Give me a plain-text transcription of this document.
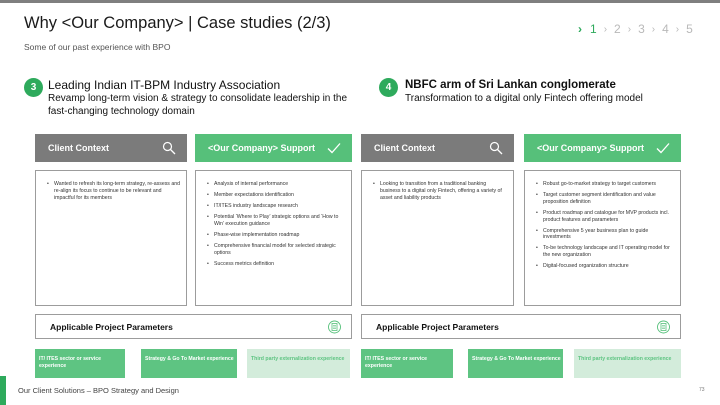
Why <Our Company> | Case studies (2/3)
Some of our past experience with BPO
› 1 › 2 › 3 › 4 › 5
3 Leading Indian IT-BPM Industry Association
Revamp long-term vision & strategy to consolidate leadership in the fast-changing technology domain
Client Context	<Our Company> Support
• Wanted to refresh its long-term strategy, re-assess and re-align its focus to continue to be relevant and impactful for its members
• Analysis of internal performance
• Member expectations identification
• IT/ITES industry landscape research
• Potential ‘Where to Play’ strategic options and ‘How to Win’ execution guidance
• Phase-wise implementation roadmap
• Comprehensive financial model for selected strategic options
• Success metrics definition
Applicable Project Parameters
IT/ ITES sector or service experience
Strategy & Go To Market experience	Third party externalization experience
4	NBFC arm of Sri Lankan conglomerate
Transformation to a digital only Fintech offering model
Client Context	<Our Company> Support
• Looking to transition from a traditional banking business to a digital only Fintech, offering a variety of asset and liability products
• Robust go-to-market strategy to target customers
• Target customer segment identification and value proposition definition
• Product roadmap and catalogue for MVP products incl. product features and parameters
• Comprehensive 5 year business plan to guide investments
• To-be technology landscape and IT operating model for the new organization
• Digital-focused organization structure
Applicable Project Parameters
IT/ ITES sector or service experience
Strategy & Go To Market experience	Third party externalization experience
Our Client Solutions – BPO Strategy and Design	73
